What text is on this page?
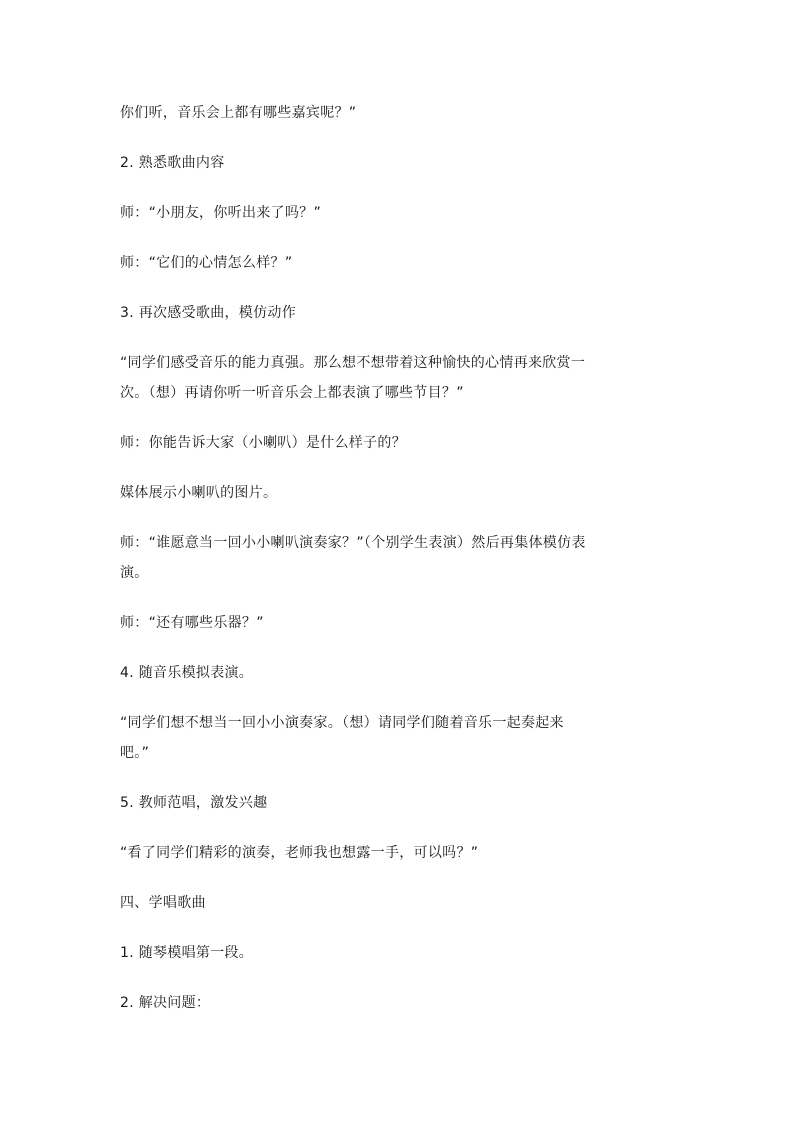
你们听，音乐会上都有哪些嘉宾呢？”
2. 熟悉歌曲内容
师：“小朋友，你听出来了吗？”
师：“它们的心情怎么样？”
3. 再次感受歌曲，模仿动作
“同学们感受音乐的能力真强。那么想不想带着这种愉快的心情再来欣赏一
次。（想）再请你听一听音乐会上都表演了哪些节目？”
师：你能告诉大家（小喇叭）是什么样子的？
媒体展示小喇叭的图片。
师：“谁愿意当一回小小喇叭演奏家？”（个别学生表演）然后再集体模仿表
演。
师：“还有哪些乐器？”
4. 随音乐模拟表演。
“同学们想不想当一回小小演奏家。（想）请同学们随着音乐一起奏起来
吧。”
5. 教师范唱，激发兴趣
“看了同学们精彩的演奏，老师我也想露一手，可以吗？”
四、学唱歌曲
1. 随琴模唱第一段。
2. 解决问题：
